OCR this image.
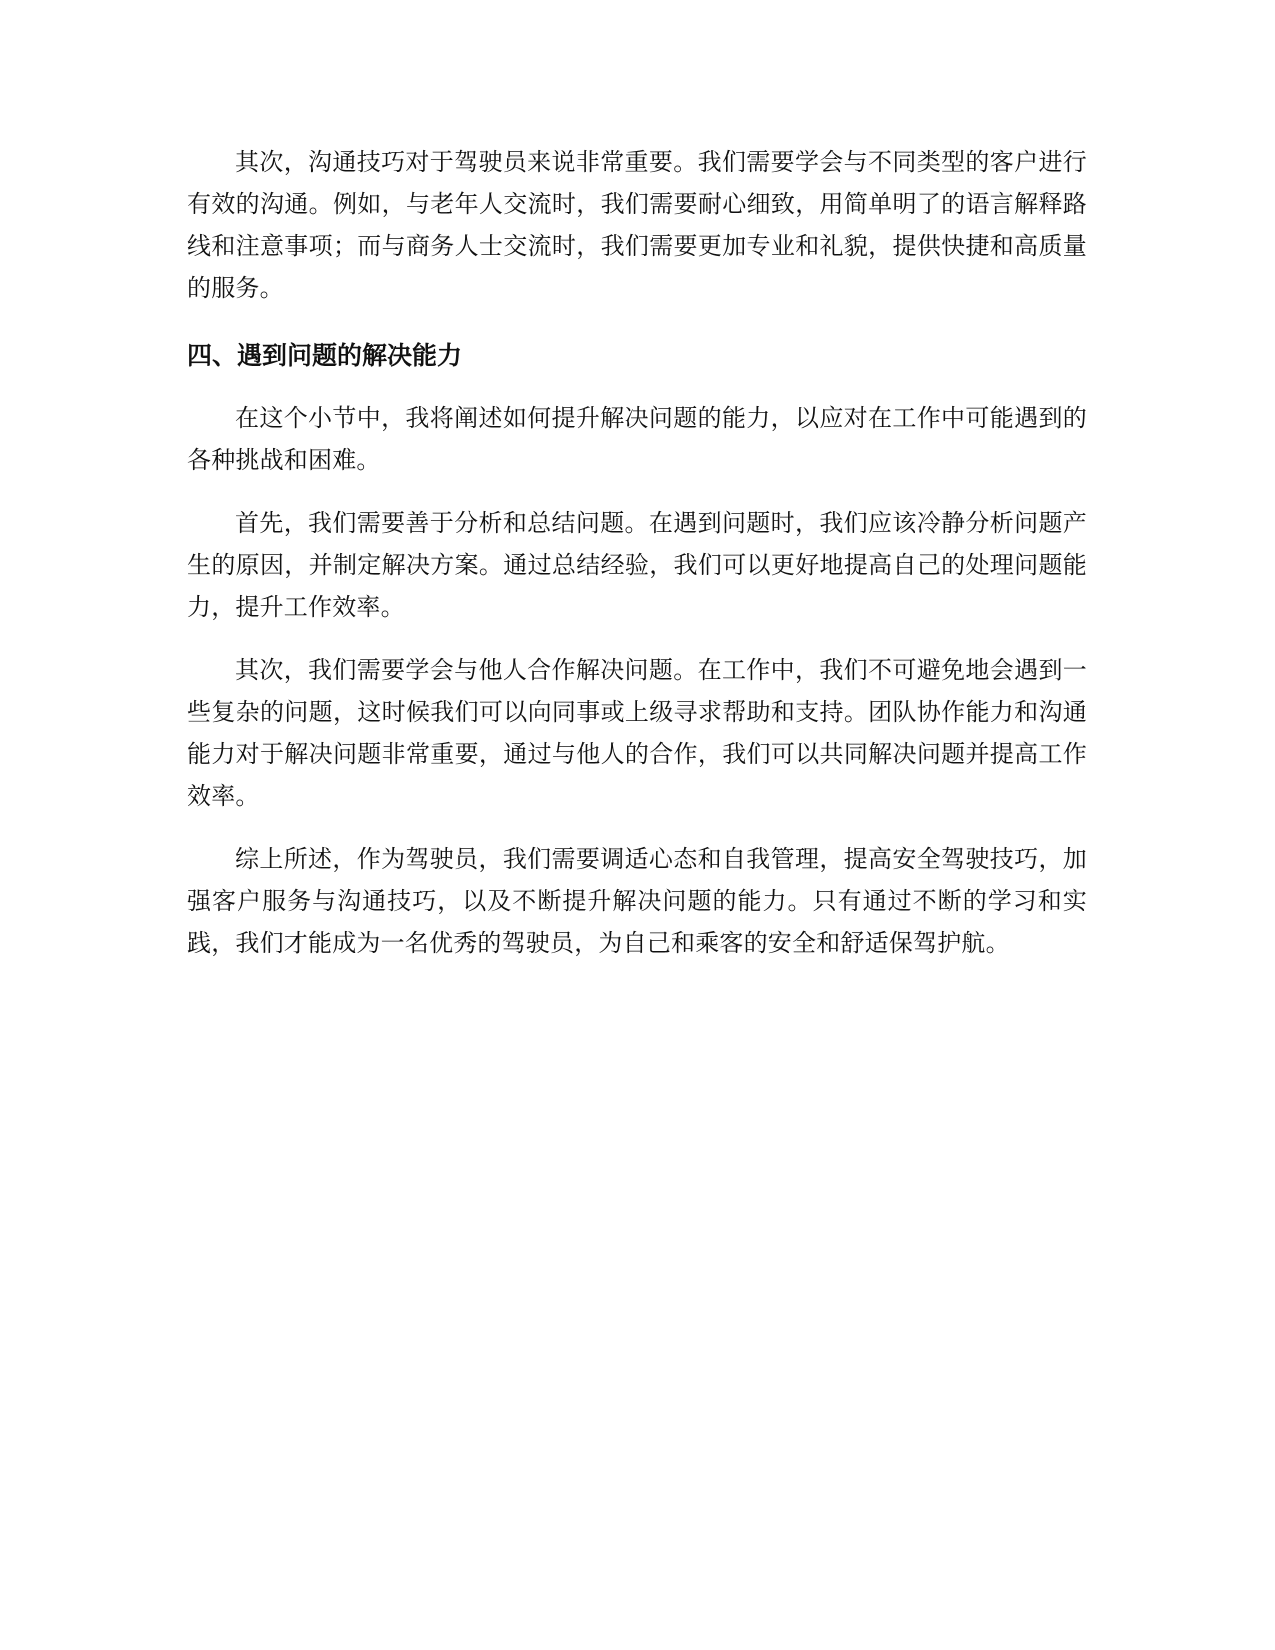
其次，沟通技巧对于驾驶员来说非常重要。我们需要学会与不同类型的客户进行有效的沟通。例如，与老年人交流时，我们需要耐心细致，用简单明了的语言解释路线和注意事项；而与商务人士交流时，我们需要更加专业和礼貌，提供快捷和高质量的服务。

四、遇到问题的解决能力

在这个小节中，我将阐述如何提升解决问题的能力，以应对在工作中可能遇到的各种挑战和困难。

首先，我们需要善于分析和总结问题。在遇到问题时，我们应该冷静分析问题产生的原因，并制定解决方案。通过总结经验，我们可以更好地提高自己的处理问题能力，提升工作效率。

其次，我们需要学会与他人合作解决问题。在工作中，我们不可避免地会遇到一些复杂的问题，这时候我们可以向同事或上级寻求帮助和支持。团队协作能力和沟通能力对于解决问题非常重要，通过与他人的合作，我们可以共同解决问题并提高工作效率。

综上所述，作为驾驶员，我们需要调适心态和自我管理，提高安全驾驶技巧，加强客户服务与沟通技巧，以及不断提升解决问题的能力。只有通过不断的学习和实践，我们才能成为一名优秀的驾驶员，为自己和乘客的安全和舒适保驾护航。
